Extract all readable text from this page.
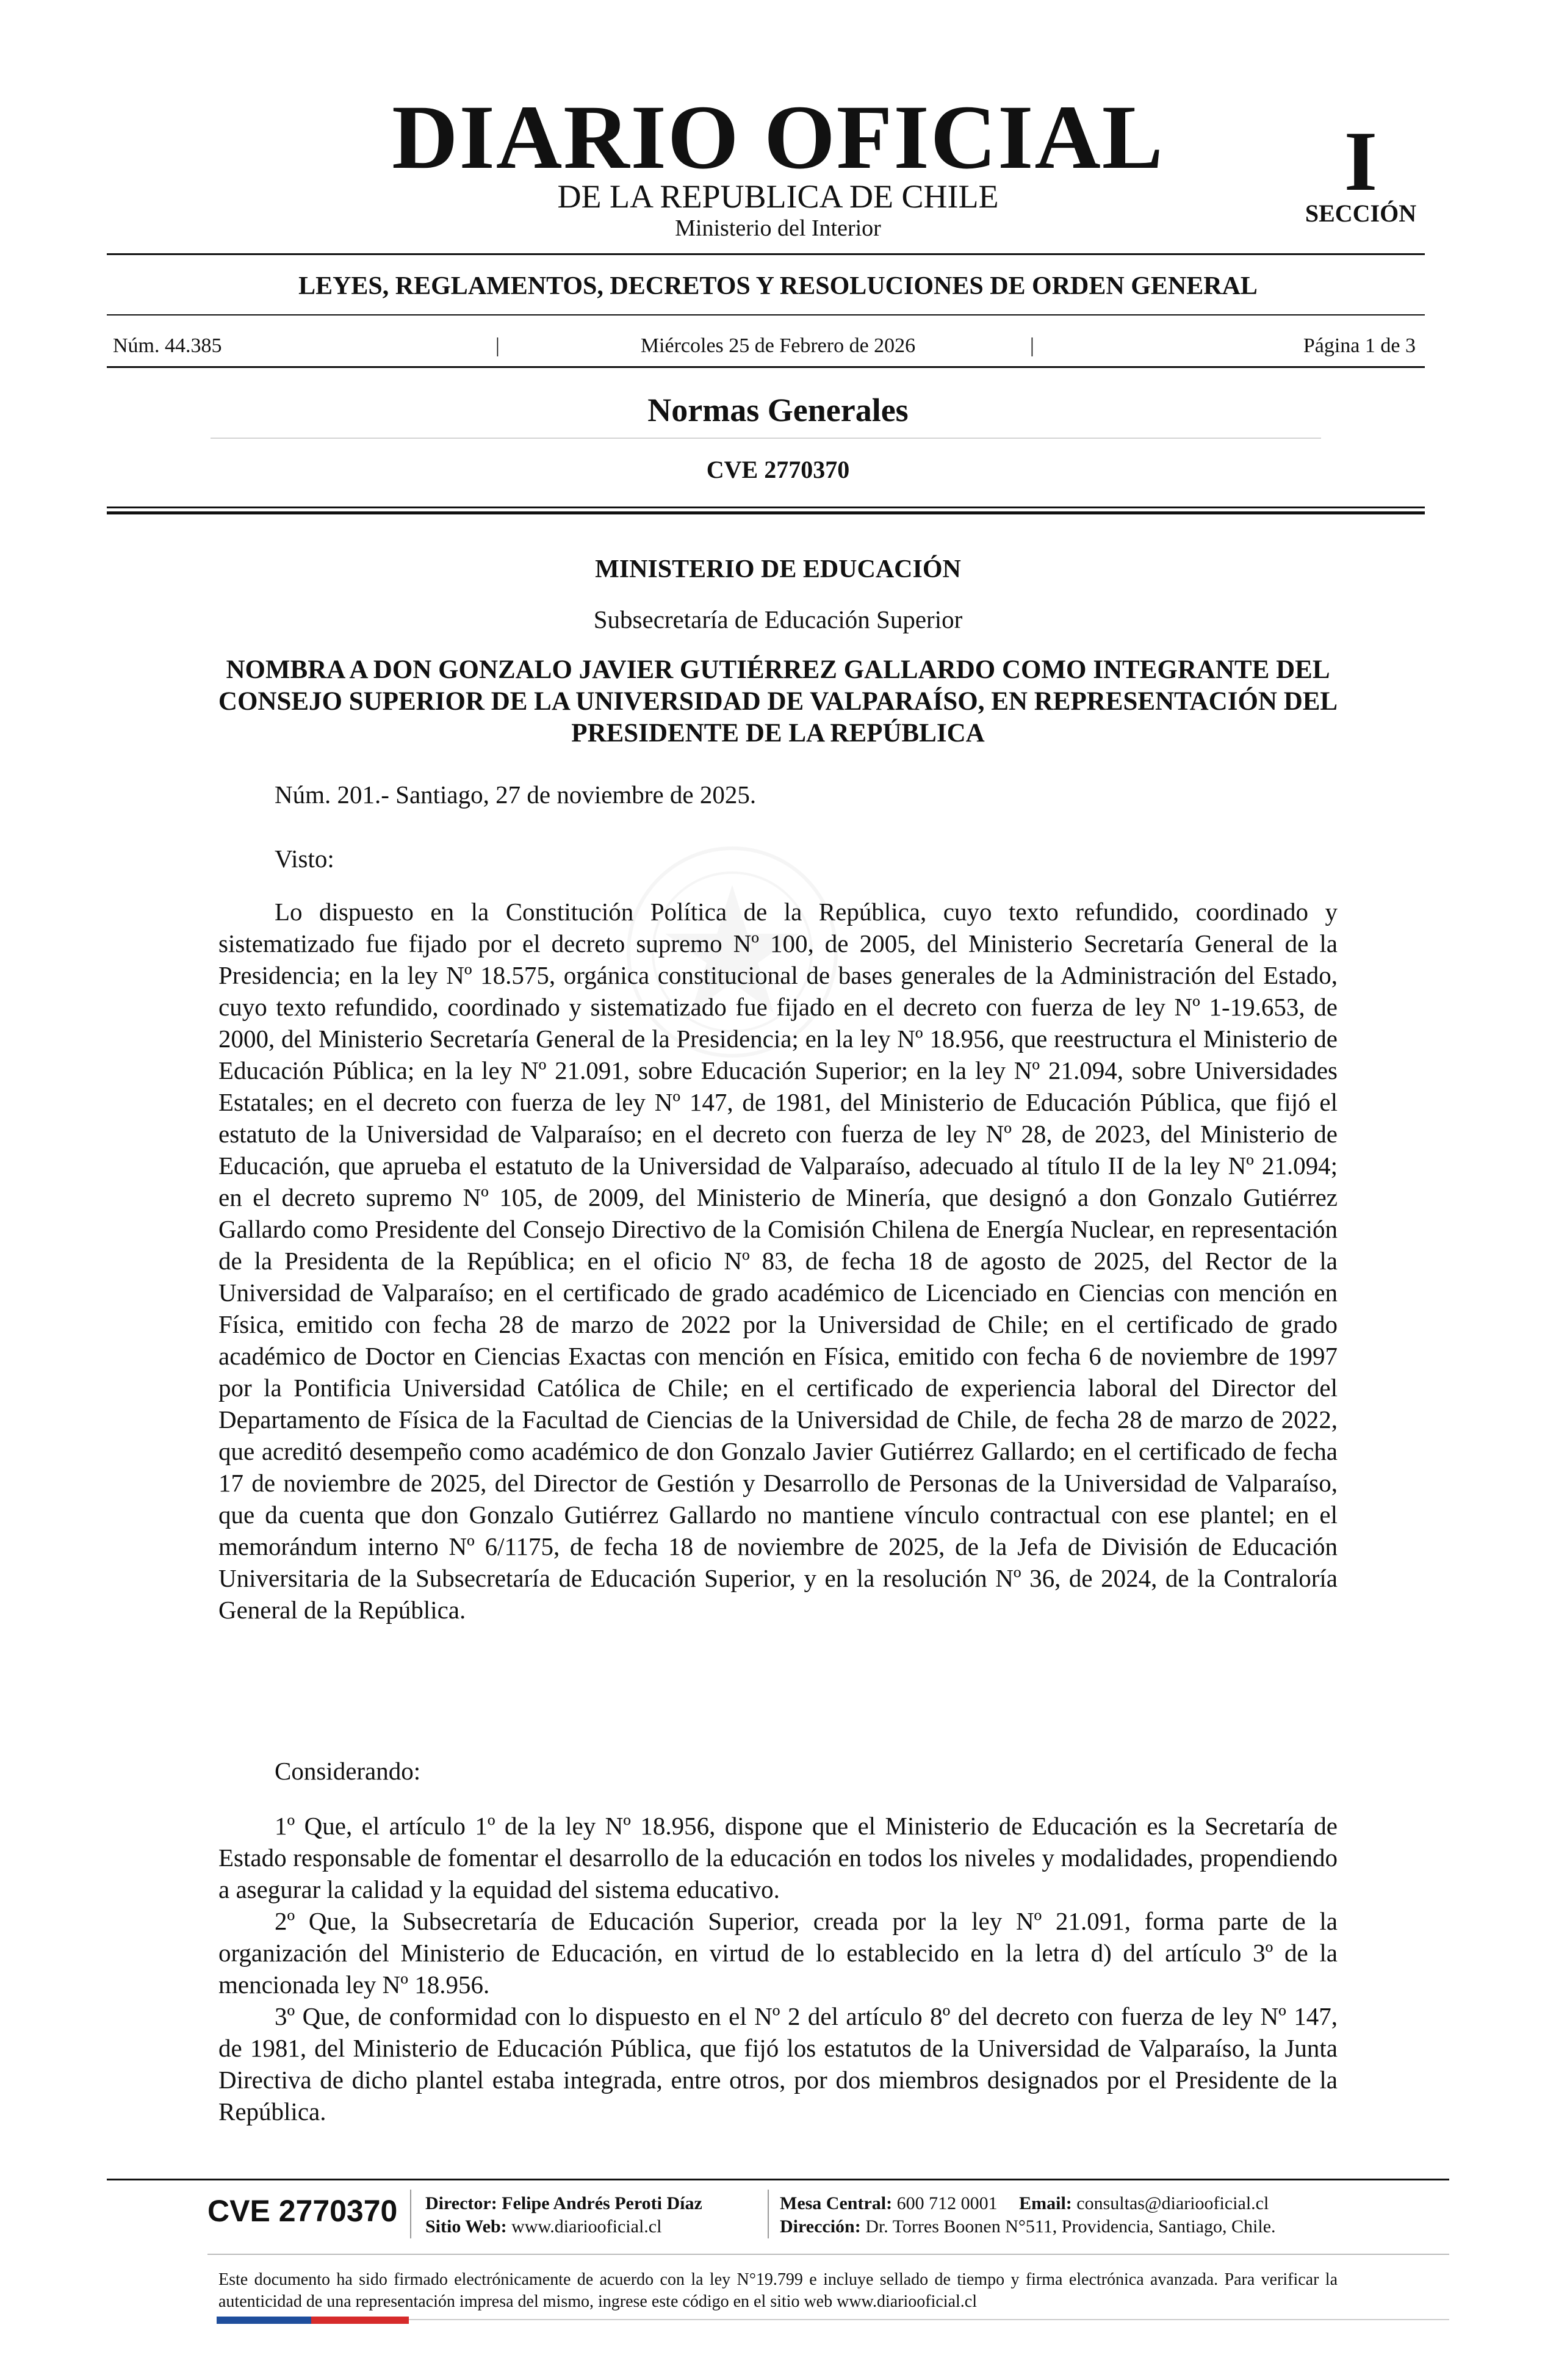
DIARIO OFICIAL
DE LA REPUBLICA DE CHILE
Ministerio del Interior
I
SECCIÓN
LEYES, REGLAMENTOS, DECRETOS Y RESOLUCIONES DE ORDEN GENERAL
Núm. 44.385	|	Miércoles 25 de Febrero de 2026	|	Página 1 de 3
Normas Generales
CVE 2770370
MINISTERIO DE EDUCACIÓN
Subsecretaría de Educación Superior
NOMBRA A DON GONZALO JAVIER GUTIÉRREZ GALLARDO COMO INTEGRANTE DEL CONSEJO SUPERIOR DE LA UNIVERSIDAD DE VALPARAÍSO, EN REPRESENTACIÓN DEL PRESIDENTE DE LA REPÚBLICA
Núm. 201.- Santiago, 27 de noviembre de 2025.
Visto:

Lo dispuesto en la Constitución Política de la República, cuyo texto refundido, coordinado y sistematizado fue fijado por el decreto supremo Nº 100, de 2005, del Ministerio Secretaría General de la Presidencia; en la ley Nº 18.575, orgánica constitucional de bases generales de la Administración del Estado, cuyo texto refundido, coordinado y sistematizado fue fijado en el decreto con fuerza de ley Nº 1-19.653, de 2000, del Ministerio Secretaría General de la Presidencia; en la ley Nº 18.956, que reestructura el Ministerio de Educación Pública; en la ley Nº 21.091, sobre Educación Superior; en la ley Nº 21.094, sobre Universidades Estatales; en el decreto con fuerza de ley Nº 147, de 1981, del Ministerio de Educación Pública, que fijó el estatuto de la Universidad de Valparaíso; en el decreto con fuerza de ley Nº 28, de 2023, del Ministerio de Educación, que aprueba el estatuto de la Universidad de Valparaíso, adecuado al título II de la ley Nº 21.094; en el decreto supremo Nº 105, de 2009, del Ministerio de Minería, que designó a don Gonzalo Gutiérrez Gallardo como Presidente del Consejo Directivo de la Comisión Chilena de Energía Nuclear, en representación de la Presidenta de la República; en el oficio Nº 83, de fecha 18 de agosto de 2025, del Rector de la Universidad de Valparaíso; en el certificado de grado académico de Licenciado en Ciencias con mención en Física, emitido con fecha 28 de marzo de 2022 por la Universidad de Chile; en el certificado de grado académico de Doctor en Ciencias Exactas con mención en Física, emitido con fecha 6 de noviembre de 1997 por la Pontificia Universidad Católica de Chile; en el certificado de experiencia laboral del Director del Departamento de Física de la Facultad de Ciencias de la Universidad de Chile, de fecha 28 de marzo de 2022, que acreditó desempeño como académico de don Gonzalo Javier Gutiérrez Gallardo; en el certificado de fecha 17 de noviembre de 2025, del Director de Gestión y Desarrollo de Personas de la Universidad de Valparaíso, que da cuenta que don Gonzalo Gutiérrez Gallardo no mantiene vínculo contractual con ese plantel; en el memorándum interno Nº 6/1175, de fecha 18 de noviembre de 2025, de la Jefa de División de Educación Universitaria de la Subsecretaría de Educación Superior, y en la resolución Nº 36, de 2024, de la Contraloría General de la República.

Considerando:

1º Que, el artículo 1º de la ley Nº 18.956, dispone que el Ministerio de Educación es la Secretaría de Estado responsable de fomentar el desarrollo de la educación en todos los niveles y modalidades, propendiendo a asegurar la calidad y la equidad del sistema educativo.

2º Que, la Subsecretaría de Educación Superior, creada por la ley Nº 21.091, forma parte de la organización del Ministerio de Educación, en virtud de lo establecido en la letra d) del artículo 3º de la mencionada ley Nº 18.956.

3º Que, de conformidad con lo dispuesto en el Nº 2 del artículo 8º del decreto con fuerza de ley Nº 147, de 1981, del Ministerio de Educación Pública, que fijó los estatutos de la Universidad de Valparaíso, la Junta Directiva de dicho plantel estaba integrada, entre otros, por dos miembros designados por el Presidente de la República.

CVE 2770370 Director: Felipe Andrés Peroti Díaz
Sitio Web: www.diariooficial.cl
Mesa Central: 600 712 0001 Email: consultas@diariooficial.cl
Dirección: Dr. Torres Boonen N°511, Providencia, Santiago, Chile.

Este documento ha sido firmado electrónicamente de acuerdo con la ley N°19.799 e incluye sellado de tiempo y firma electrónica avanzada. Para verificar la autenticidad de una representación impresa del mismo, ingrese este código en el sitio web www.diariooficial.cl
